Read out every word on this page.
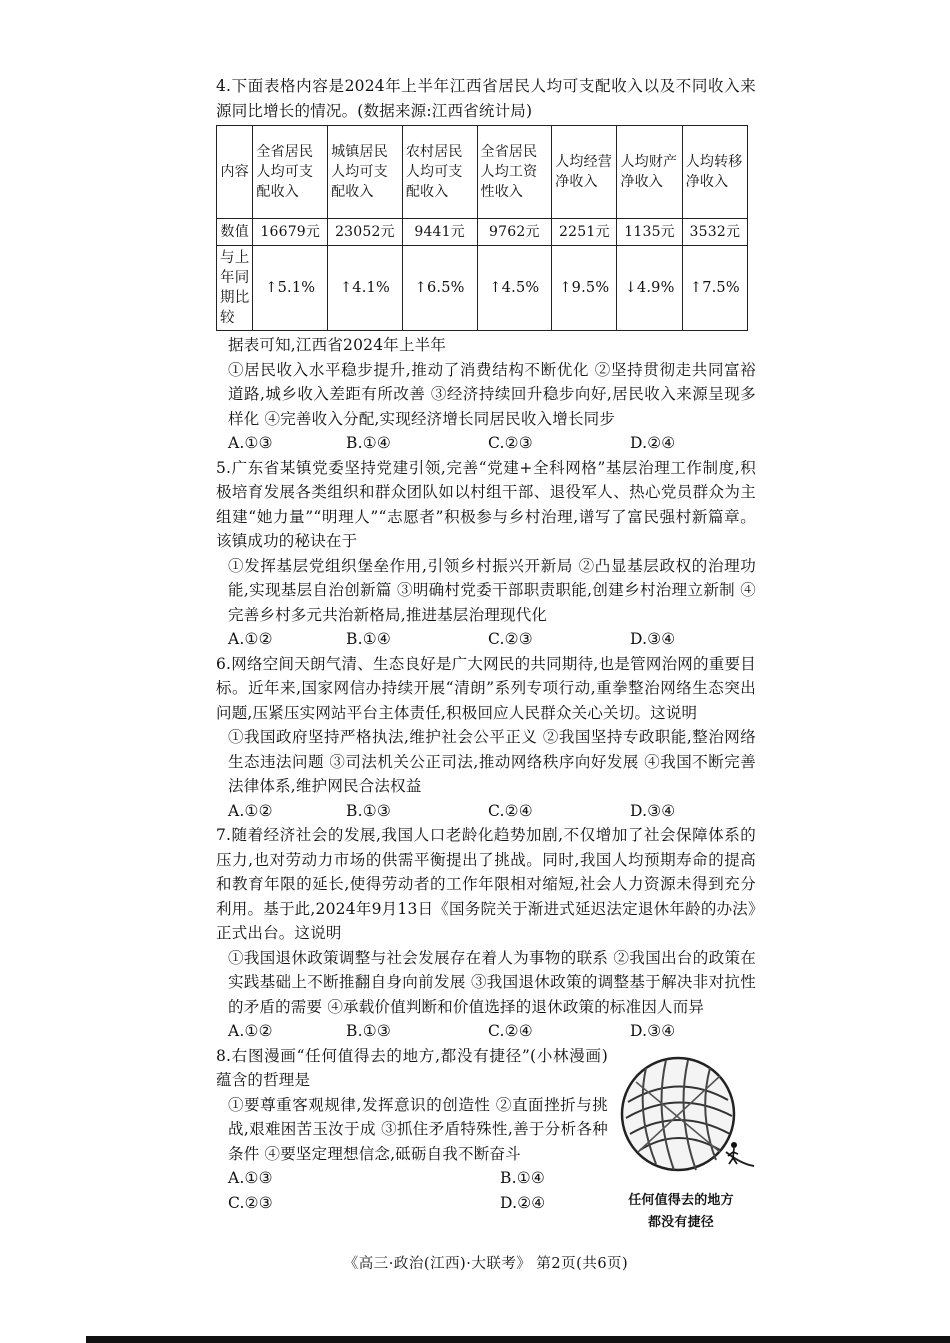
4.下面表格内容是2024年上半年江西省居民人均可支配收入以及不同收入来源同比增长的情况。(数据来源:江西省统计局)

内容	全省居民人均可支配收入	城镇居民人均可支配收入	农村居民人均可支配收入	全省居民人均工资性收入	人均经营净收入	人均财产净收入	人均转移净收入
数值	16679元	23052元	9441元	9762元	2251元	1135元	3532元
与上年同期比较	↑5.1%	↑4.1%	↑6.5%	↑4.5%	↑9.5%	↓4.9%	↑7.5%

据表可知,江西省2024年上半年

①居民收入水平稳步提升,推动了消费结构不断优化 ②坚持贯彻走共同富裕道路,城乡收入差距有所改善 ③经济持续回升稳步向好,居民收入来源呈现多样化 ④完善收入分配,实现经济增长同居民收入增长同步

A.①③	B.①④	C.②③	D.②④

5.广东省某镇党委坚持党建引领,完善“党建+全科网格”基层治理工作制度,积极培育发展各类组织和群众团队如以村组干部、退役军人、热心党员群众为主组建“她力量”“明理人”“志愿者”积极参与乡村治理,谱写了富民强村新篇章。该镇成功的秘诀在于

①发挥基层党组织堡垒作用,引领乡村振兴开新局 ②凸显基层政权的治理功能,实现基层自治创新篇 ③明确村党委干部职责职能,创建乡村治理立新制 ④完善乡村多元共治新格局,推进基层治理现代化

A.①②	B.①④	C.②③	D.③④

6.网络空间天朗气清、生态良好是广大网民的共同期待,也是管网治网的重要目标。近年来,国家网信办持续开展“清朗”系列专项行动,重拳整治网络生态突出问题,压紧压实网站平台主体责任,积极回应人民群众关心关切。这说明

①我国政府坚持严格执法,维护社会公平正义 ②我国坚持专政职能,整治网络生态违法问题 ③司法机关公正司法,推动网络秩序向好发展 ④我国不断完善法律体系,维护网民合法权益

A.①②	B.①③	C.②④	D.③④

7.随着经济社会的发展,我国人口老龄化趋势加剧,不仅增加了社会保障体系的压力,也对劳动力市场的供需平衡提出了挑战。同时,我国人均预期寿命的提高和教育年限的延长,使得劳动者的工作年限相对缩短,社会人力资源未得到充分利用。基于此,2024年9月13日《国务院关于渐进式延迟法定退休年龄的办法》正式出台。这说明

①我国退休政策调整与社会发展存在着人为事物的联系 ②我国出台的政策在实践基础上不断推翻自身向前发展 ③我国退休政策的调整基于解决非对抗性的矛盾的需要 ④承载价值判断和价值选择的退休政策的标准因人而异

A.①②	B.①③	C.②④	D.③④

8.右图漫画“任何值得去的地方,都没有捷径”(小林漫画)蕴含的哲理是

①要尊重客观规律,发挥意识的创造性 ②直面挫折与挑战,艰难困苦玉汝于成 ③抓住矛盾特殊性,善于分析各种条件 ④要坚定理想信念,砥砺自我不断奋斗

任何值得去的地方
都没有捷径
A.①③	B.①④
C.②③	D.②④
《高三·政治(江西)·大联考》 第2页(共6页)
